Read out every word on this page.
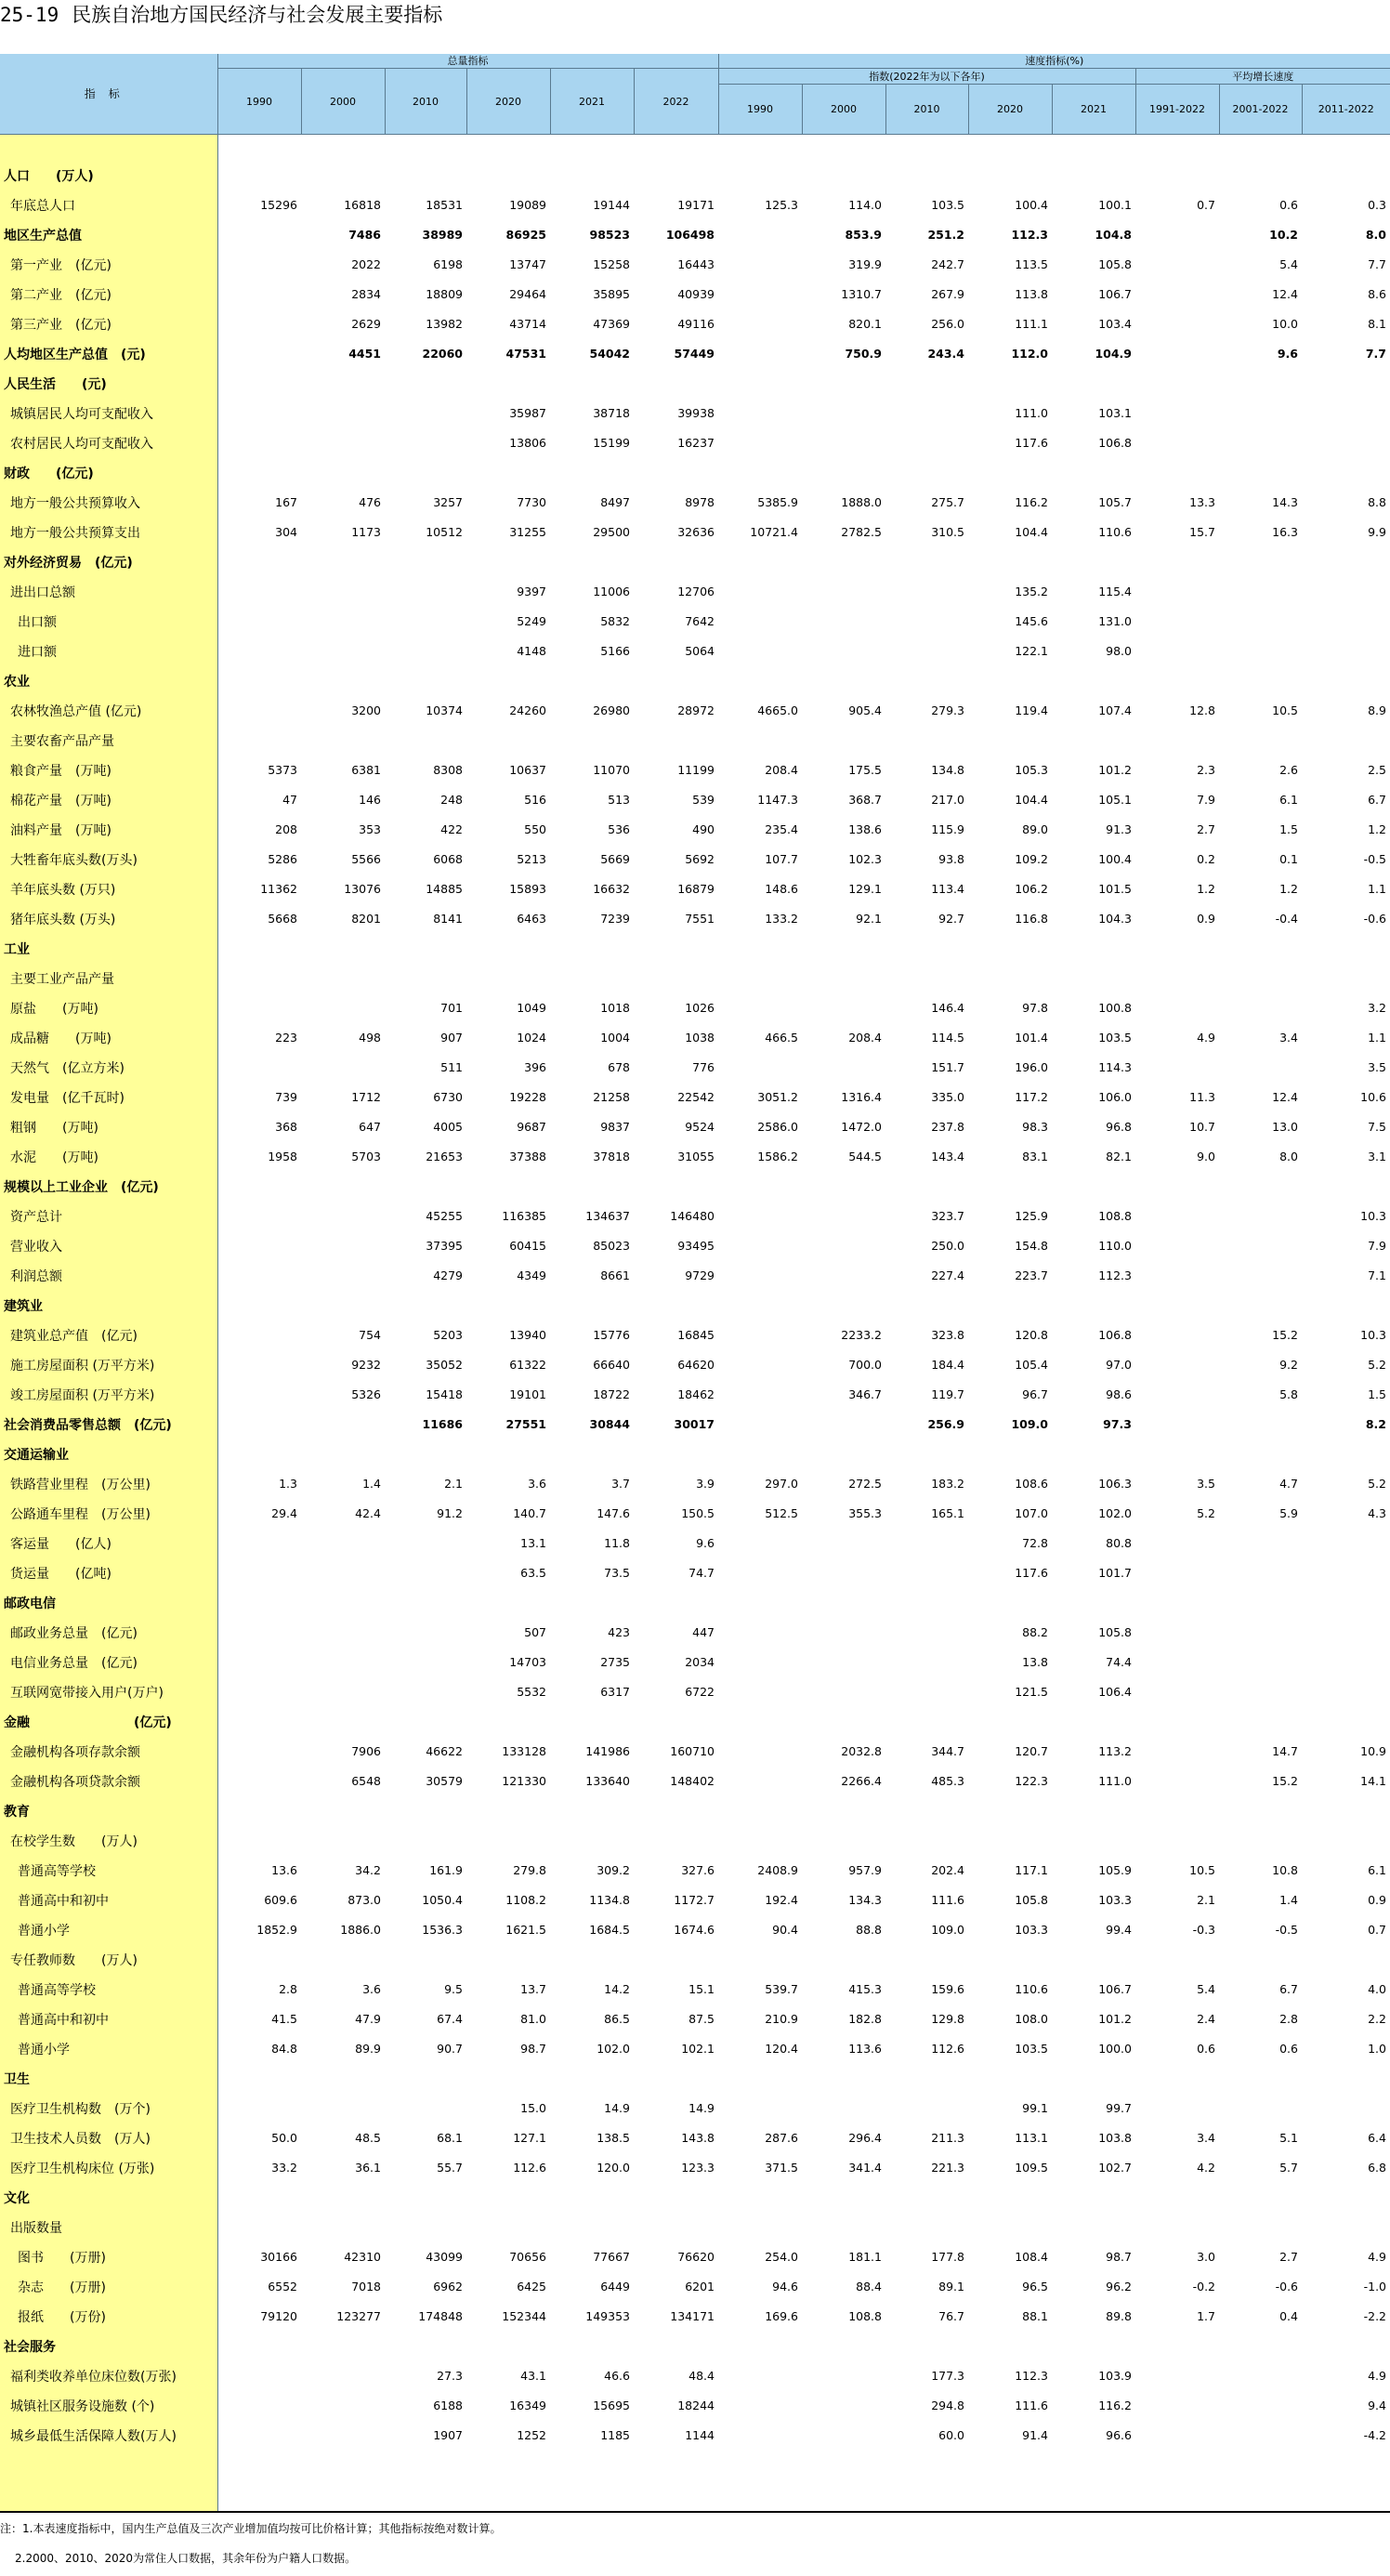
25-19 民族自治地方国民经济与社会发展主要指标
指标	总量指标						速度指标(%)							
	1990	2000	2010	2020	2021	2022	指数(2022年为以下各年)					平均增长速度		
							1990	2000	2010	2020	2021	1991-2022	2001-2022	2011-2022

人口　　(万人)														
年底总人口	15296	16818	18531	19089	19144	19171	125.3	114.0	103.5	100.4	100.1	0.7	0.6	0.3
地区生产总值		7486	38989	86925	98523	106498		853.9	251.2	112.3	104.8		10.2	8.0
第一产业　(亿元)		2022	6198	13747	15258	16443		319.9	242.7	113.5	105.8		5.4	7.7
第二产业　(亿元)		2834	18809	29464	35895	40939		1310.7	267.9	113.8	106.7		12.4	8.6
第三产业　(亿元)		2629	13982	43714	47369	49116		820.1	256.0	111.1	103.4		10.0	8.1
人均地区生产总值　(元)		4451	22060	47531	54042	57449		750.9	243.4	112.0	104.9		9.6	7.7
人民生活　　(元)														
城镇居民人均可支配收入				35987	38718	39938				111.0	103.1			
农村居民人均可支配收入				13806	15199	16237				117.6	106.8			
财政　　(亿元)														
地方一般公共预算收入	167	476	3257	7730	8497	8978	5385.9	1888.0	275.7	116.2	105.7	13.3	14.3	8.8
地方一般公共预算支出	304	1173	10512	31255	29500	32636	10721.4	2782.5	310.5	104.4	110.6	15.7	16.3	9.9
对外经济贸易　(亿元)														
进出口总额				9397	11006	12706				135.2	115.4			
出口额				5249	5832	7642				145.6	131.0			
进口额				4148	5166	5064				122.1	98.0			
农业														
农林牧渔总产值 (亿元)		3200	10374	24260	26980	28972	4665.0	905.4	279.3	119.4	107.4	12.8	10.5	8.9
主要农畜产品产量														
粮食产量　(万吨)	5373	6381	8308	10637	11070	11199	208.4	175.5	134.8	105.3	101.2	2.3	2.6	2.5
棉花产量　(万吨)	47	146	248	516	513	539	1147.3	368.7	217.0	104.4	105.1	7.9	6.1	6.7
油料产量　(万吨)	208	353	422	550	536	490	235.4	138.6	115.9	89.0	91.3	2.7	1.5	1.2
大牲畜年底头数(万头)	5286	5566	6068	5213	5669	5692	107.7	102.3	93.8	109.2	100.4	0.2	0.1	-0.5
羊年底头数 (万只)	11362	13076	14885	15893	16632	16879	148.6	129.1	113.4	106.2	101.5	1.2	1.2	1.1
猪年底头数 (万头)	5668	8201	8141	6463	7239	7551	133.2	92.1	92.7	116.8	104.3	0.9	-0.4	-0.6
工业														
主要工业产品产量														
原盐　　(万吨)			701	1049	1018	1026			146.4	97.8	100.8			3.2
成品糖　　(万吨)	223	498	907	1024	1004	1038	466.5	208.4	114.5	101.4	103.5	4.9	3.4	1.1
天然气　(亿立方米)			511	396	678	776			151.7	196.0	114.3			3.5
发电量　(亿千瓦时)	739	1712	6730	19228	21258	22542	3051.2	1316.4	335.0	117.2	106.0	11.3	12.4	10.6
粗钢　　(万吨)	368	647	4005	9687	9837	9524	2586.0	1472.0	237.8	98.3	96.8	10.7	13.0	7.5
水泥　　(万吨)	1958	5703	21653	37388	37818	31055	1586.2	544.5	143.4	83.1	82.1	9.0	8.0	3.1
规模以上工业企业　(亿元)														
资产总计			45255	116385	134637	146480			323.7	125.9	108.8			10.3
营业收入			37395	60415	85023	93495			250.0	154.8	110.0			7.9
利润总额			4279	4349	8661	9729			227.4	223.7	112.3			7.1
建筑业														
建筑业总产值　(亿元)		754	5203	13940	15776	16845		2233.2	323.8	120.8	106.8		15.2	10.3
施工房屋面积 (万平方米)		9232	35052	61322	66640	64620		700.0	184.4	105.4	97.0		9.2	5.2
竣工房屋面积 (万平方米)		5326	15418	19101	18722	18462		346.7	119.7	96.7	98.6		5.8	1.5
社会消费品零售总额　(亿元)			11686	27551	30844	30017			256.9	109.0	97.3			8.2
交通运输业														
铁路营业里程　(万公里)	1.3	1.4	2.1	3.6	3.7	3.9	297.0	272.5	183.2	108.6	106.3	3.5	4.7	5.2
公路通车里程　(万公里)	29.4	42.4	91.2	140.7	147.6	150.5	512.5	355.3	165.1	107.0	102.0	5.2	5.9	4.3
客运量　　(亿人)				13.1	11.8	9.6				72.8	80.8			
货运量　　(亿吨)				63.5	73.5	74.7				117.6	101.7			
邮政电信														
邮政业务总量　(亿元)				507	423	447				88.2	105.8			
电信业务总量　(亿元)				14703	2735	2034				13.8	74.4			
互联网宽带接入用户(万户)				5532	6317	6722				121.5	106.4			
金融　　　　　　　　(亿元)														
金融机构各项存款余额		7906	46622	133128	141986	160710		2032.8	344.7	120.7	113.2		14.7	10.9
金融机构各项贷款余额		6548	30579	121330	133640	148402		2266.4	485.3	122.3	111.0		15.2	14.1
教育														
在校学生数　　(万人)														
普通高等学校	13.6	34.2	161.9	279.8	309.2	327.6	2408.9	957.9	202.4	117.1	105.9	10.5	10.8	6.1
普通高中和初中	609.6	873.0	1050.4	1108.2	1134.8	1172.7	192.4	134.3	111.6	105.8	103.3	2.1	1.4	0.9
普通小学	1852.9	1886.0	1536.3	1621.5	1684.5	1674.6	90.4	88.8	109.0	103.3	99.4	-0.3	-0.5	0.7
专任教师数　　(万人)														
普通高等学校	2.8	3.6	9.5	13.7	14.2	15.1	539.7	415.3	159.6	110.6	106.7	5.4	6.7	4.0
普通高中和初中	41.5	47.9	67.4	81.0	86.5	87.5	210.9	182.8	129.8	108.0	101.2	2.4	2.8	2.2
普通小学	84.8	89.9	90.7	98.7	102.0	102.1	120.4	113.6	112.6	103.5	100.0	0.6	0.6	1.0
卫生														
医疗卫生机构数　(万个)				15.0	14.9	14.9				99.1	99.7			
卫生技术人员数　(万人)	50.0	48.5	68.1	127.1	138.5	143.8	287.6	296.4	211.3	113.1	103.8	3.4	5.1	6.4
医疗卫生机构床位 (万张)	33.2	36.1	55.7	112.6	120.0	123.3	371.5	341.4	221.3	109.5	102.7	4.2	5.7	6.8
文化														
出版数量														
图书　　(万册)	30166	42310	43099	70656	77667	76620	254.0	181.1	177.8	108.4	98.7	3.0	2.7	4.9
杂志　　(万册)	6552	7018	6962	6425	6449	6201	94.6	88.4	89.1	96.5	96.2	-0.2	-0.6	-1.0
报纸　　(万份)	79120	123277	174848	152344	149353	134171	169.6	108.8	76.7	88.1	89.8	1.7	0.4	-2.2
社会服务														
福利类收养单位床位数(万张)			27.3	43.1	46.6	48.4			177.3	112.3	103.9			4.9
城镇社区服务设施数 (个)			6188	16349	15695	18244			294.8	111.6	116.2			9.4
城乡最低生活保障人数(万人)			1907	1252	1185	1144			60.0	91.4	96.6			-4.2

注：1.本表速度指标中，国内生产总值及三次产业增加值均按可比价格计算；其他指标按绝对数计算。
2.2000、2010、2020为常住人口数据，其余年份为户籍人口数据。
